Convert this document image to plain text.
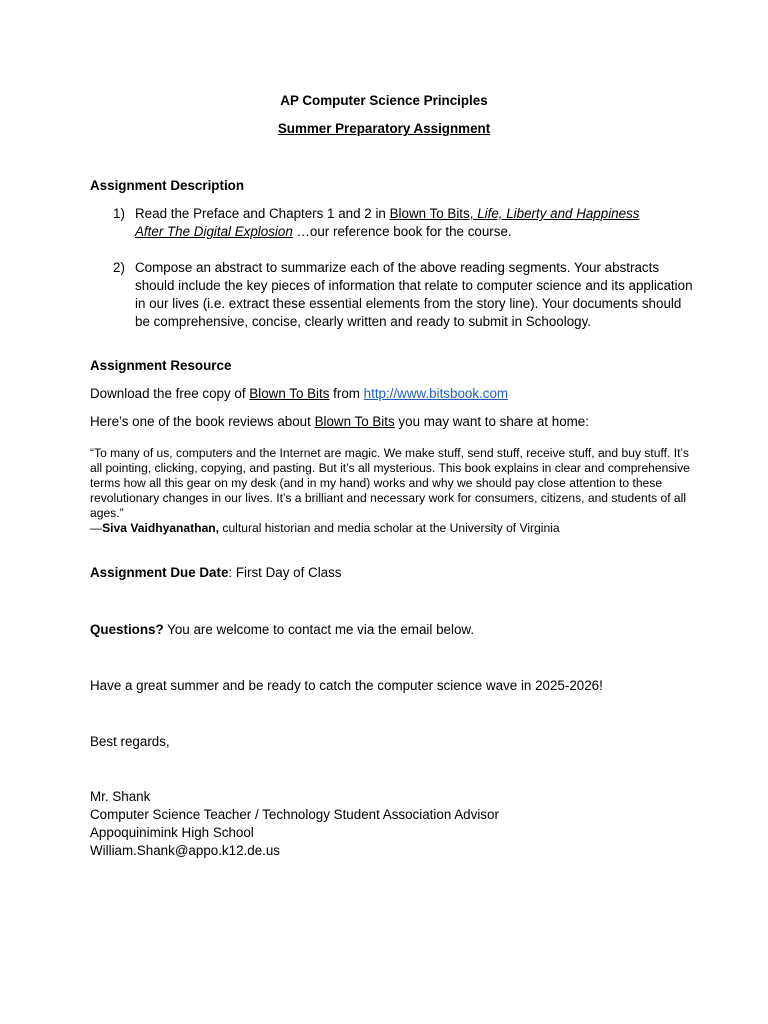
AP Computer Science Principles
Summer Preparatory Assignment
Assignment Description
1) Read the Preface and Chapters 1 and 2 in Blown To Bits, Life, Liberty and Happiness After The Digital Explosion …our reference book for the course.
2) Compose an abstract to summarize each of the above reading segments. Your abstracts should include the key pieces of information that relate to computer science and its application in our lives (i.e. extract these essential elements from the story line). Your documents should be comprehensive, concise, clearly written and ready to submit in Schoology.
Assignment Resource
Download the free copy of Blown To Bits from http://www.bitsbook.com
Here’s one of the book reviews about Blown To Bits you may want to share at home:
“To many of us, computers and the Internet are magic. We make stuff, send stuff, receive stuff, and buy stuff. It’s all pointing, clicking, copying, and pasting. But it’s all mysterious. This book explains in clear and comprehensive terms how all this gear on my desk (and in my hand) works and why we should pay close attention to these revolutionary changes in our lives. It’s a brilliant and necessary work for consumers, citizens, and students of all ages.”
—Siva Vaidhyanathan, cultural historian and media scholar at the University of Virginia
Assignment Due Date: First Day of Class
Questions? You are welcome to contact me via the email below.
Have a great summer and be ready to catch the computer science wave in 2025-2026!
Best regards,
Mr. Shank
Computer Science Teacher / Technology Student Association Advisor
Appoquinimink High School
William.Shank@appo.k12.de.us
